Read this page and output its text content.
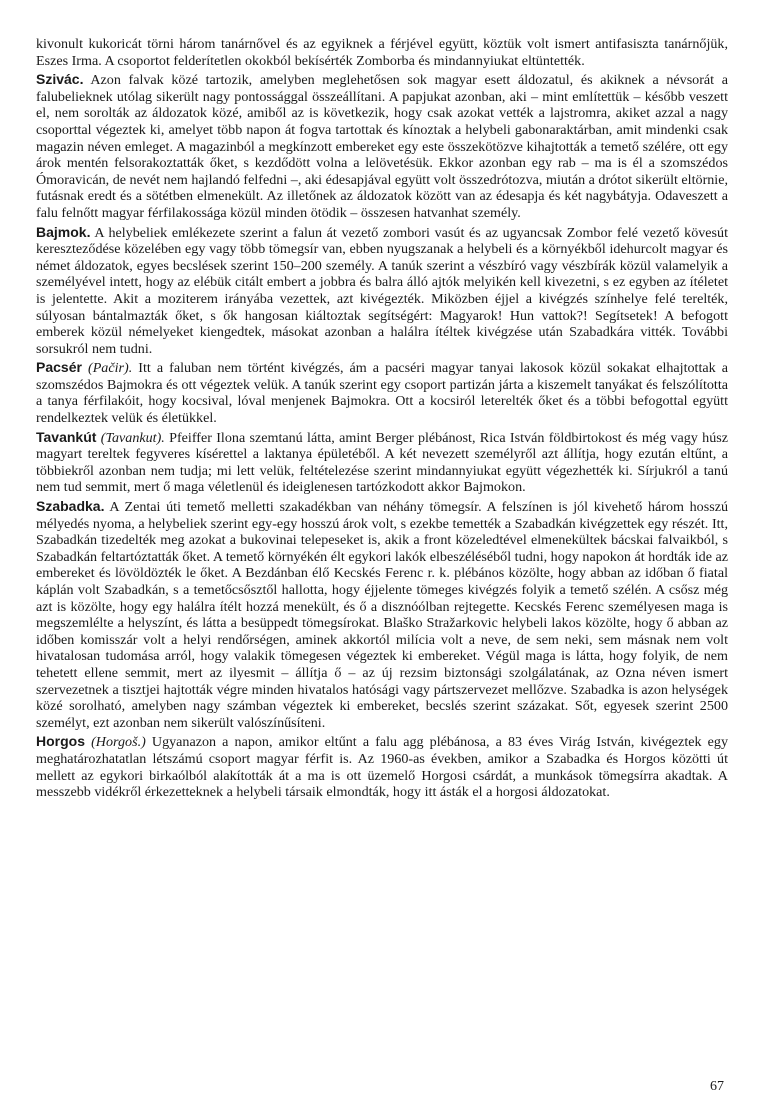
kivonult kukoricát törni három tanárnővel és az egyiknek a férjével együtt, köztük volt ismert antifasiszta tanárnőjük, Eszes Irma. A csoportot felderítetlen okokból bekísérték Zomborba és mindannyiukat eltüntették.

Szivác. Azon falvak közé tartozik, amelyben meglehetősen sok magyar esett áldozatul, és akiknek a névsorát a falubelieknek utólag sikerült nagy pontossággal összeállítani. A papjukat azonban, aki – mint említettük – később veszett el, nem sorolták az áldozatok közé, amiből az is következik, hogy csak azokat vették a lajstromra, akiket azzal a nagy csoporttal végeztek ki, amelyet több napon át fogva tartottak és kínoztak a helybeli gabonaraktárban, amit mindenki csak magazin néven emleget. A magazinból a megkínzott embereket egy este összekötözve kihajtották a temető szélére, ott egy árok mentén felsorakoztatták őket, s kezdődött volna a lelövetésük. Ekkor azonban egy rab – ma is él a szomszédos Ómoravicán, de nevét nem hajlandó felfedni –, aki édesapjával együtt volt összedrótozva, miután a drótot sikerült eltörnie, futásnak eredt és a sötétben elmenekült. Az illetőnek az áldozatok között van az édesapja és két nagybátyja. Odaveszett a falu felnőtt magyar férfilakossága közül minden ötödik – összesen hatvanhat személy.

Bajmok. A helybeliek emlékezete szerint a falun át vezető zombori vasút és az ugyancsak Zombor felé vezető kövesút kereszteződése közelében egy vagy több tömegsír van, ebben nyugszanak a helybeli és a környékből idehurcolt magyar és német áldozatok, egyes becslések szerint 150–200 személy. A tanúk szerint a vészbíró vagy vészbírák közül valamelyik a személyével intett, hogy az elébük citált embert a jobbra és balra álló ajtók melyikén kell kivezetni, s ez egyben az ítéletet is jelentette. Akit a moziterem irányába vezettek, azt kivégezték. Miközben éjjel a kivégzés színhelye felé terelték, súlyosan bántalmazták őket, s ők hangosan kiáltoztak segítségért: Magyarok! Hun vattok?! Segítsetek! A befogott emberek közül némelyeket kiengedtek, másokat azonban a halálra ítéltek kivégzése után Szabadkára vitték. További sorsukról nem tudni.

Pacsér (Pačir). Itt a faluban nem történt kivégzés, ám a pacséri magyar tanyai lakosok közül sokakat elhajtottak a szomszédos Bajmokra és ott végeztek velük. A tanúk szerint egy csoport partizán járta a kiszemelt tanyákat és felszólította a tanya férfilakóit, hogy kocsival, lóval menjenek Bajmokra. Ott a kocsiról leterelték őket és a többi befogottal együtt rendelkeztek velük és életükkel.

Tavankút (Tavankut). Pfeiffer Ilona szemtanú látta, amint Berger plébánost, Rica István földbirtokost és még vagy húsz magyart tereltek fegyveres kísérettel a laktanya épületéből. A két nevezett személyről azt állítja, hogy ezután eltűnt, a többiekről azonban nem tudja; mi lett velük, feltételezése szerint mindannyiukat együtt végezhették ki. Sírjukról a tanú nem tud semmit, mert ő maga véletlenül és ideiglenesen tartózkodott akkor Bajmokon.

Szabadka. A Zentai úti temető melletti szakadékban van néhány tömegsír. A felszínen is jól kivehető három hosszú mélyedés nyoma, a helybeliek szerint egy-egy hosszú árok volt, s ezekbe temették a Szabadkán kivégzettek egy részét. Itt, Szabadkán tizedelték meg azokat a bukovinai telepeseket is, akik a front közeledtével elmenekültek bácskai falvaikból, s Szabadkán feltartóztatták őket. A temető környékén élt egykori lakók elbeszéléséből tudni, hogy napokon át hordták ide az embereket és lövöldözték le őket. A Bezdánban élő Kecskés Ferenc r. k. plébános közölte, hogy abban az időban ő fiatal káplán volt Szabadkán, s a temetőcsősztől hallotta, hogy éjjelente tömeges kivégzés folyik a temető szélén. A csősz még azt is közölte, hogy egy halálra ítélt hozzá menekült, és ő a disznóólban rejtegette. Kecskés Ferenc személyesen maga is megszemlélte a helyszínt, és látta a besüppedt tömegsírokat. Blaško Stražarkovic helybeli lakos közölte, hogy ő abban az időben komisszár volt a helyi rendőrségen, aminek akkortól milícia volt a neve, de sem neki, sem másnak nem volt hivatalosan tudomása arról, hogy valakik tömegesen végeztek ki embereket. Végül maga is látta, hogy folyik, de nem tehetett ellene semmit, mert az ilyesmit – állítja ő – az új rezsim biztonsági szolgálatának, az Ozna néven ismert szervezetnek a tisztjei hajtották végre minden hivatalos hatósági vagy pártszervezet mellőzve. Szabadka is azon helységek közé sorolható, amelyben nagy számban végeztek ki embereket, becslés szerint százakat. Sőt, egyesek szerint 2500 személyt, ezt azonban nem sikerült valószínűsíteni.

Horgos (Horgoš.) Ugyanazon a napon, amikor eltűnt a falu agg plébánosa, a 83 éves Virág István, kivégeztek egy meghatározhatatlan létszámú csoport magyar férfit is. Az 1960-as években, amikor a Szabadka és Horgos közötti út mellett az egykori birkaólból alakították át a ma is ott üzemelő Horgosi csárdát, a munkások tömegsírra akadtak. A messzebb vidékről érkezetteknek a helybeli társaik elmondták, hogy itt ásták el a horgosi áldozatokat.

67
